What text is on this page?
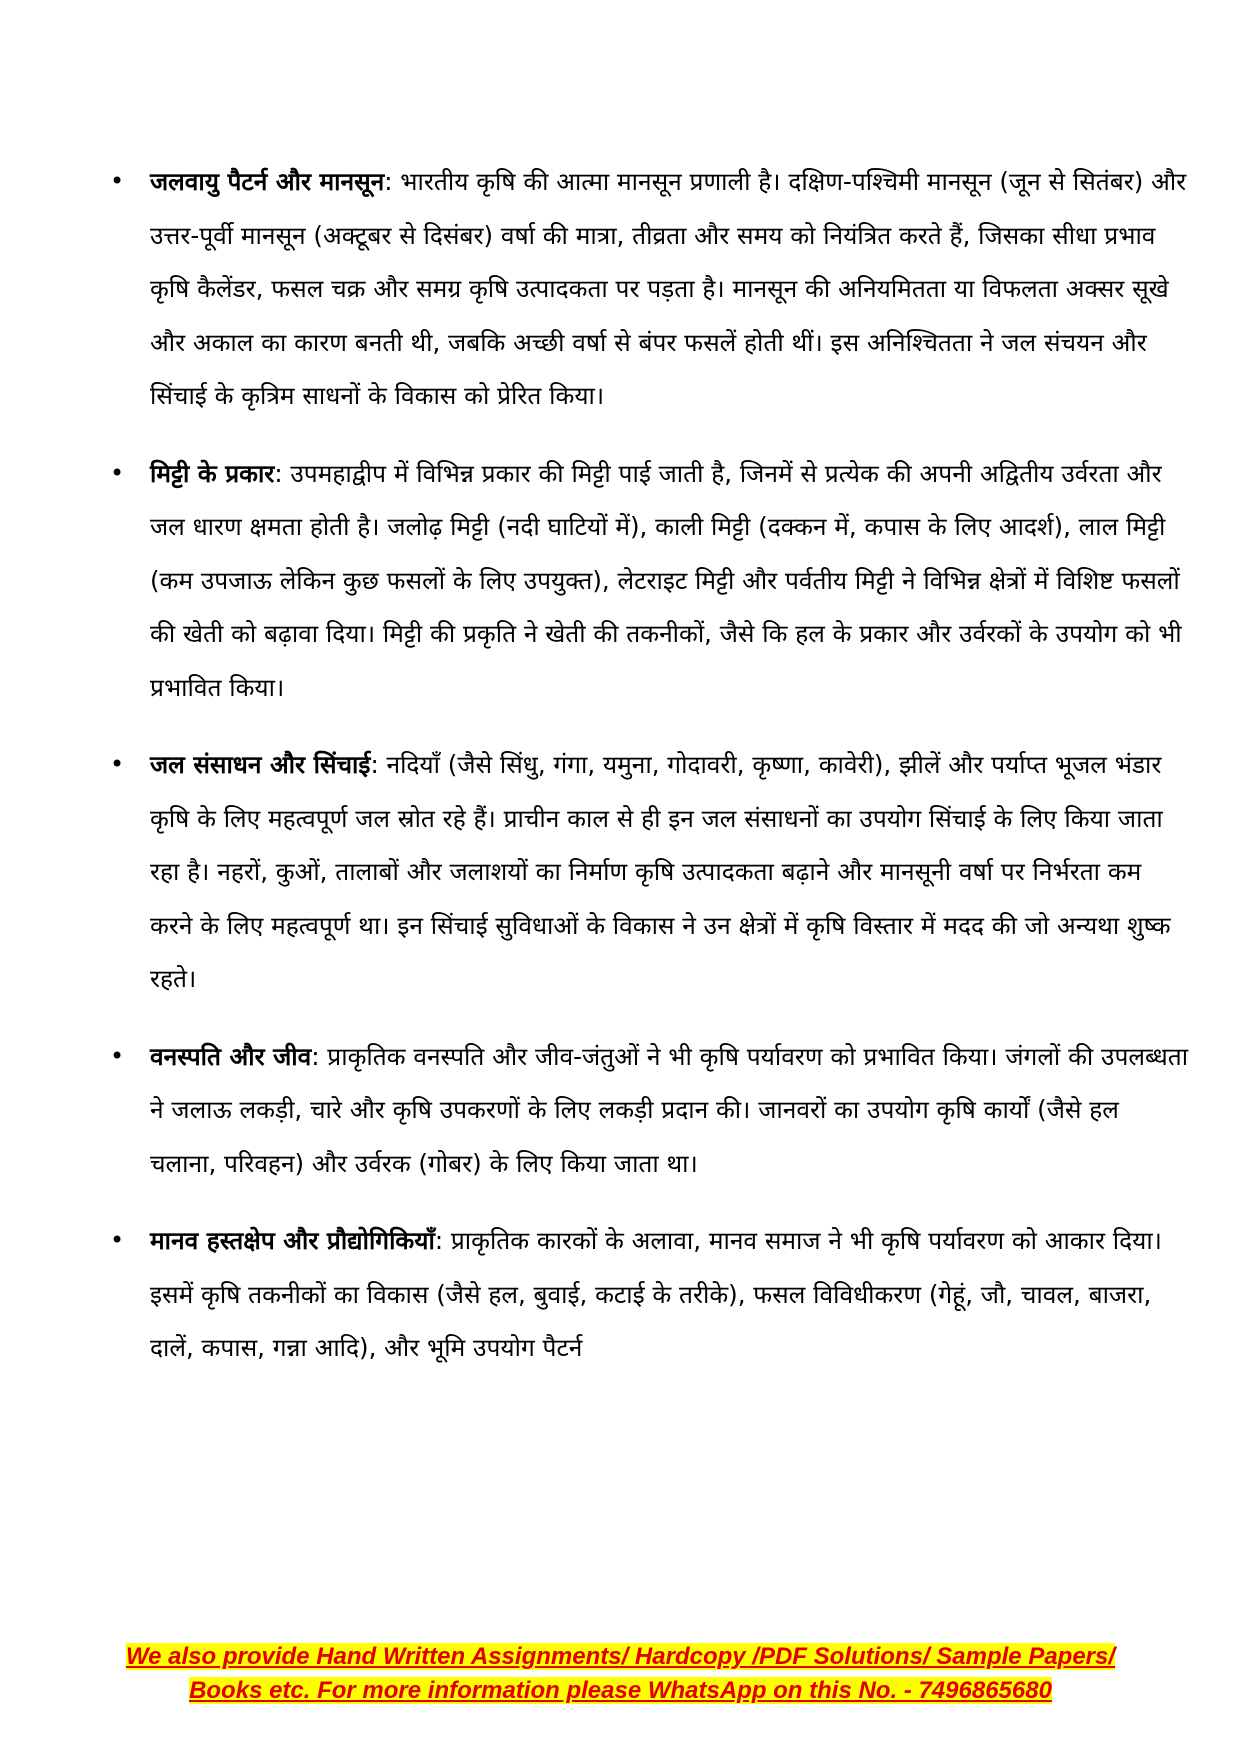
• जलवायु पैटर्न और मानसून: भारतीय कृषि की आत्मा मानसून प्रणाली है। दक्षिण-पश्चिमी मानसून (जून से सितंबर) और उत्तर-पूर्वी मानसून (अक्टूबर से दिसंबर) वर्षा की मात्रा, तीव्रता और समय को नियंत्रित करते हैं, जिसका सीधा प्रभाव कृषि कैलेंडर, फसल चक्र और समग्र कृषि उत्पादकता पर पड़ता है। मानसून की अनियमितता या विफलता अक्सर सूखे और अकाल का कारण बनती थी, जबकि अच्छी वर्षा से बंपर फसलें होती थीं। इस अनिश्चितता ने जल संचयन और सिंचाई के कृत्रिम साधनों के विकास को प्रेरित किया।
• मिट्टी के प्रकार: उपमहाद्वीप में विभिन्न प्रकार की मिट्टी पाई जाती है, जिनमें से प्रत्येक की अपनी अद्वितीय उर्वरता और जल धारण क्षमता होती है। जलोढ़ मिट्टी (नदी घाटियों में), काली मिट्टी (दक्कन में, कपास के लिए आदर्श), लाल मिट्टी (कम उपजाऊ लेकिन कुछ फसलों के लिए उपयुक्त), लेटराइट मिट्टी और पर्वतीय मिट्टी ने विभिन्न क्षेत्रों में विशिष्ट फसलों की खेती को बढ़ावा दिया। मिट्टी की प्रकृति ने खेती की तकनीकों, जैसे कि हल के प्रकार और उर्वरकों के उपयोग को भी प्रभावित किया।
• जल संसाधन और सिंचाई: नदियाँ (जैसे सिंधु, गंगा, यमुना, गोदावरी, कृष्णा, कावेरी), झीलें और पर्याप्त भूजल भंडार कृषि के लिए महत्वपूर्ण जल स्रोत रहे हैं। प्राचीन काल से ही इन जल संसाधनों का उपयोग सिंचाई के लिए किया जाता रहा है। नहरों, कुओं, तालाबों और जलाशयों का निर्माण कृषि उत्पादकता बढ़ाने और मानसूनी वर्षा पर निर्भरता कम करने के लिए महत्वपूर्ण था। इन सिंचाई सुविधाओं के विकास ने उन क्षेत्रों में कृषि विस्तार में मदद की जो अन्यथा शुष्क रहते।
• वनस्पति और जीव: प्राकृतिक वनस्पति और जीव-जंतुओं ने भी कृषि पर्यावरण को प्रभावित किया। जंगलों की उपलब्धता ने जलाऊ लकड़ी, चारे और कृषि उपकरणों के लिए लकड़ी प्रदान की। जानवरों का उपयोग कृषि कार्यों (जैसे हल चलाना, परिवहन) और उर्वरक (गोबर) के लिए किया जाता था।
• मानव हस्तक्षेप और प्रौद्योगिकियाँ: प्राकृतिक कारकों के अलावा, मानव समाज ने भी कृषि पर्यावरण को आकार दिया। इसमें कृषि तकनीकों का विकास (जैसे हल, बुवाई, कटाई के तरीके), फसल विविधीकरण (गेहूं, जौ, चावल, बाजरा, दालें, कपास, गन्ना आदि), और भूमि उपयोग पैटर्न
We also provide Hand Written Assignments/ Hardcopy /PDF Solutions/ Sample Papers/
Books etc. For more information please WhatsApp on this No. - 7496865680
